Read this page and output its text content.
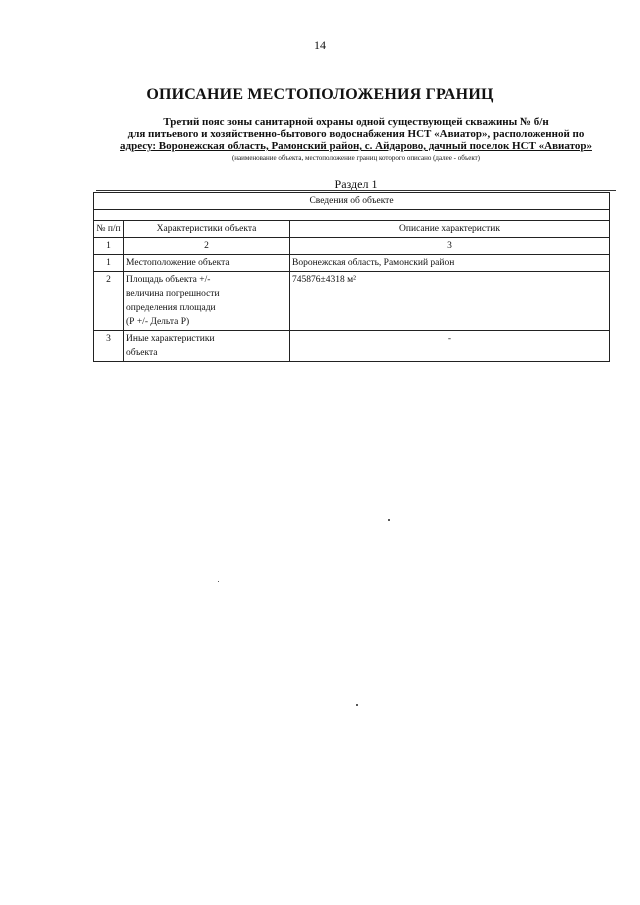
14
ОПИСАНИЕ МЕСТОПОЛОЖЕНИЯ ГРАНИЦ
Третий пояс зоны санитарной охраны одной существующей скважины № б/н
для питьевого и хозяйственно-бытового водоснабжения НСТ «Авиатор», расположенной по
адресу: Воронежская область, Рамонский район, с. Айдарово, дачный поселок НСТ «Авиатор»
(наименование объекта, местоположение границ которого описано (далее - объект)
Раздел 1
Сведения об объекте		

№ п/п	Характеристики объекта	Описание характеристик
1	2	3
1	Местоположение объекта	Воронежская область, Рамонский район
2	Площадь объекта +/-
величина погрешности
определения площади
(Р +/- Дельта Р)	745876±4318 м²
3	Иные характеристики
объекта	-
